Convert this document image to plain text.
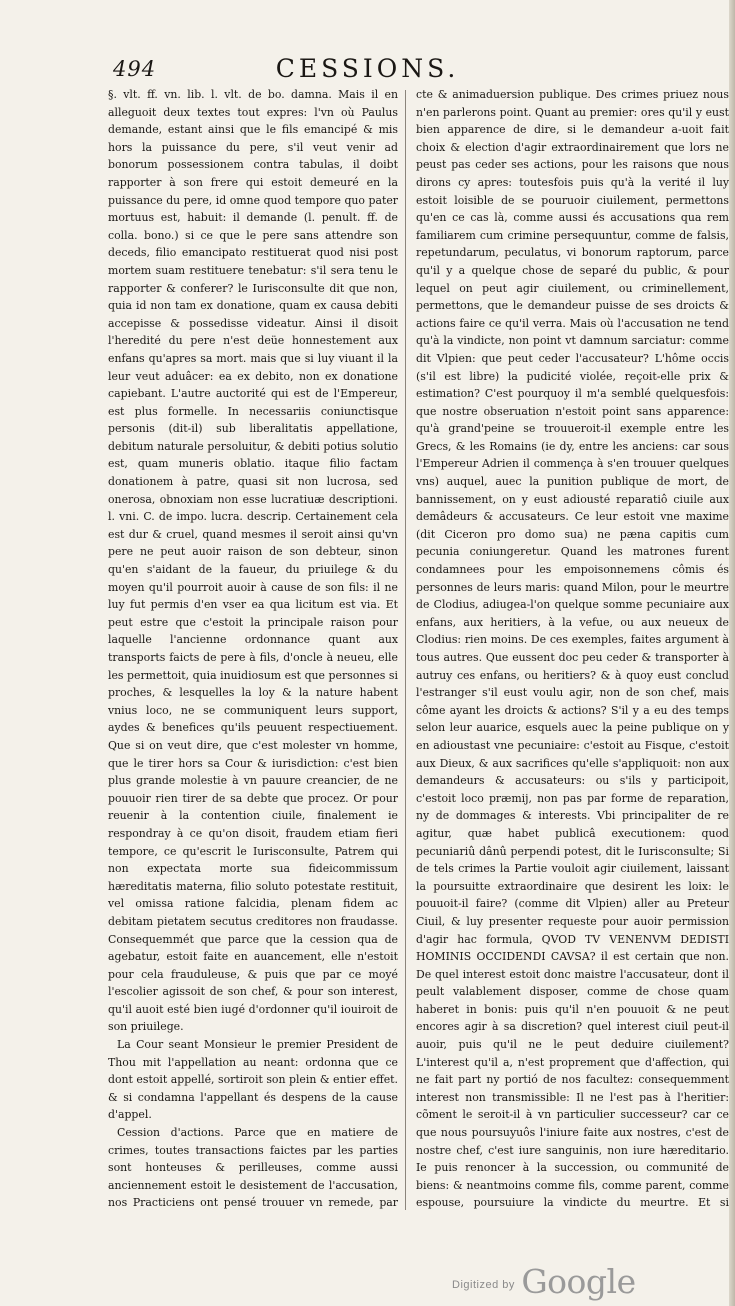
494	CESSIONS.

§. vlt. ff. vn. lib. l. vlt. de bo. damna. Mais il en alleguoit deux textes tout expres: l'vn où Paulus demande, estant ainsi que le fils emancipé & mis hors la puissance du pere, s'il veut venir ad bonorum possessionem contra tabulas, il doibt rapporter à son frere qui estoit demeuré en la puissance du pere, id omne quod tempore quo pater mortuus est, habuit: il demande (l. penult. ff. de colla. bono.) si ce que le pere sans attendre son deceds, filio emancipato restituerat quod nisi post mortem suam restituere tenebatur: s'il sera tenu le rapporter & conferer? le Iurisconsulte dit que non, quia id non tam ex donatione, quam ex causa debiti accepisse & possedisse videatur. Ainsi il disoit l'heredité du pere n'est deüe honnestement aux enfans qu'apres sa mort. mais que si luy viuant il la leur veut aduâcer: ea ex debito, non ex donatione capiebant. L'autre auctorité qui est de l'Empereur, est plus formelle. In necessariis coniunctisque personis (dit-il) sub liberalitatis appellatione, debitum naturale persoluitur, & debiti potius solutio est, quam muneris oblatio. itaque filio factam donationem à patre, quasi sit non lucrosa, sed onerosa, obnoxiam non esse lucratiuæ descriptioni. l. vni. C. de impo. lucra. descrip. Certainement cela est dur & cruel, quand mesmes il seroit ainsi qu'vn pere ne peut auoir raison de son debteur, sinon qu'en s'aidant de la faueur, du priuilege & du moyen qu'il pourroit auoir à cause de son fils: il ne luy fut permis d'en vser ea qua licitum est via. Et peut estre que c'estoit la principale raison pour laquelle l'ancienne ordonnance quant aux transports faicts de pere à fils, d'oncle à neueu, elle les permettoit, quia inuidiosum est que personnes si proches, & lesquelles la loy & la nature habent vnius loco, ne se communiquent leurs support, aydes & benefices qu'ils peuuent respectiuement. Que si on veut dire, que c'est molester vn homme, que le tirer hors sa Cour & iurisdiction: c'est bien plus grande molestie à vn pauure creancier, de ne pouuoir rien tirer de sa debte que procez. Or pour reuenir à la contention ciuile, finalement ie respondray à ce qu'on disoit, fraudem etiam fieri tempore, ce qu'escrit le Iurisconsulte, Patrem qui non expectata morte sua fideicommissum hæreditatis materna, filio soluto potestate restituit, vel omissa ratione falcidia, plenam fidem ac debitam pietatem secutus creditores non fraudasse. Consequemmét que parce que la cession qua de agebatur, estoit faite en auancement, elle n'estoit pour cela frauduleuse, & puis que par ce moyé l'escolier agissoit de son chef, & pour son interest, qu'il auoit esté bien iugé d'ordonner qu'il iouiroit de son priuilege.

La Cour seant Monsieur le premier President de Thou mit l'appellation au neant: ordonna que ce dont estoit appellé, sortiroit son plein & entier effet. & si condamna l'appellant és despens de la cause d'appel.

Cession d'actions. Parce que en matiere de crimes, toutes transactions faictes par les parties sont honteuses & perilleuses, comme aussi anciennement estoit le desistement de l'accusation, nos Practiciens ont pensé trouuer vn remede, par

cte & animaduersion publique. Des crimes priuez nous n'en parlerons point. Quant au premier: ores qu'il y eust bien apparence de dire, si le demandeur a-uoit fait choix & election d'agir extraordinairement que lors ne peust pas ceder ses actions, pour les raisons que nous dirons cy apres: toutesfois puis qu'à la verité il luy estoit loisible de se pouruoir ciuilement, permettons qu'en ce cas là, comme aussi és accusations qua rem familiarem cum crimine persequuntur, comme de falsis, repetundarum, peculatus, vi bonorum raptorum, parce qu'il y a quelque chose de separé du public, & pour lequel on peut agir ciuilement, ou criminellement, permettons, que le demandeur puisse de ses droicts & actions faire ce qu'il verra. Mais où l'accusation ne tend qu'à la vindicte, non point vt damnum sarciatur: comme dit Vlpien: que peut ceder l'accusateur? L'hôme occis (s'il est libre) la pudicité violée, reçoit-elle prix & estimation? C'est pourquoy il m'a semblé quelquesfois: que nostre obseruation n'estoit point sans apparence: qu'à grand'peine se trouueroit-il exemple entre les Grecs, & les Romains (ie dy, entre les anciens: car sous l'Empereur Adrien il commença à s'en trouuer quelques vns) auquel, auec la punition publique de mort, de bannissement, on y eust adiousté reparatiô ciuile aux demâdeurs & accusateurs. Ce leur estoit vne maxime (dit Ciceron pro domo sua) ne pæna capitis cum pecunia coniungeretur. Quand les matrones furent condamnees pour les empoisonnemens cômis és personnes de leurs maris: quand Milon, pour le meurtre de Clodius, adiugea-l'on quelque somme pecuniaire aux enfans, aux heritiers, à la vefue, ou aux neueux de Clodius: rien moins. De ces exemples, faites argument à tous autres. Que eussent doc peu ceder & transporter à autruy ces enfans, ou heritiers? & à quoy eust conclud l'estranger s'il eust voulu agir, non de son chef, mais côme ayant les droicts & actions? S'il y a eu des temps selon leur auarice, esquels auec la peine publique on y en adioustast vne pecuniaire: c'estoit au Fisque, c'estoit aux Dieux, & aux sacrifices qu'elle s'appliquoit: non aux demandeurs & accusateurs: ou s'ils y participoit, c'estoit loco præmij, non pas par forme de reparation, ny de dommages & interests. Vbi principaliter de re agitur, quæ habet publicâ executionem: quod pecuniariû dânû perpendi potest, dit le Iurisconsulte; Si de tels crimes la Partie vouloit agir ciuilement, laissant la poursuitte extraordinaire que desirent les loix: le pouuoit-il faire? (comme dit Vlpien) aller au Preteur Ciuil, & luy presenter requeste pour auoir permission d'agir hac formula, QVOD TV VENENVM DEDISTI HOMINIS OCCIDENDI CAVSA? il est certain que non. De quel interest estoit donc maistre l'accusateur, dont il peult valablement disposer, comme de chose quam haberet in bonis: puis qu'il n'en pouuoit & ne peut encores agir à sa discretion? quel interest ciuil peut-il auoir, puis qu'il ne le peut deduire ciuilement? L'interest qu'il a, n'est proprement que d'affection, qui ne fait part ny portió de nos facultez: consequemment interest non transmissible: Il ne l'est pas à l'heritier: cõment le seroit-il à vn particulier successeur? car ce que nous poursuyuôs l'iniure faite aux nostres, c'est de nostre chef, c'est iure sanguinis, non iure hæreditario. Ie puis renoncer à la succession, ou communité de biens: & neantmoins comme fils, comme parent, comme espouse, poursuiure la vindicte du meurtre. Et si

Digitized by Google
